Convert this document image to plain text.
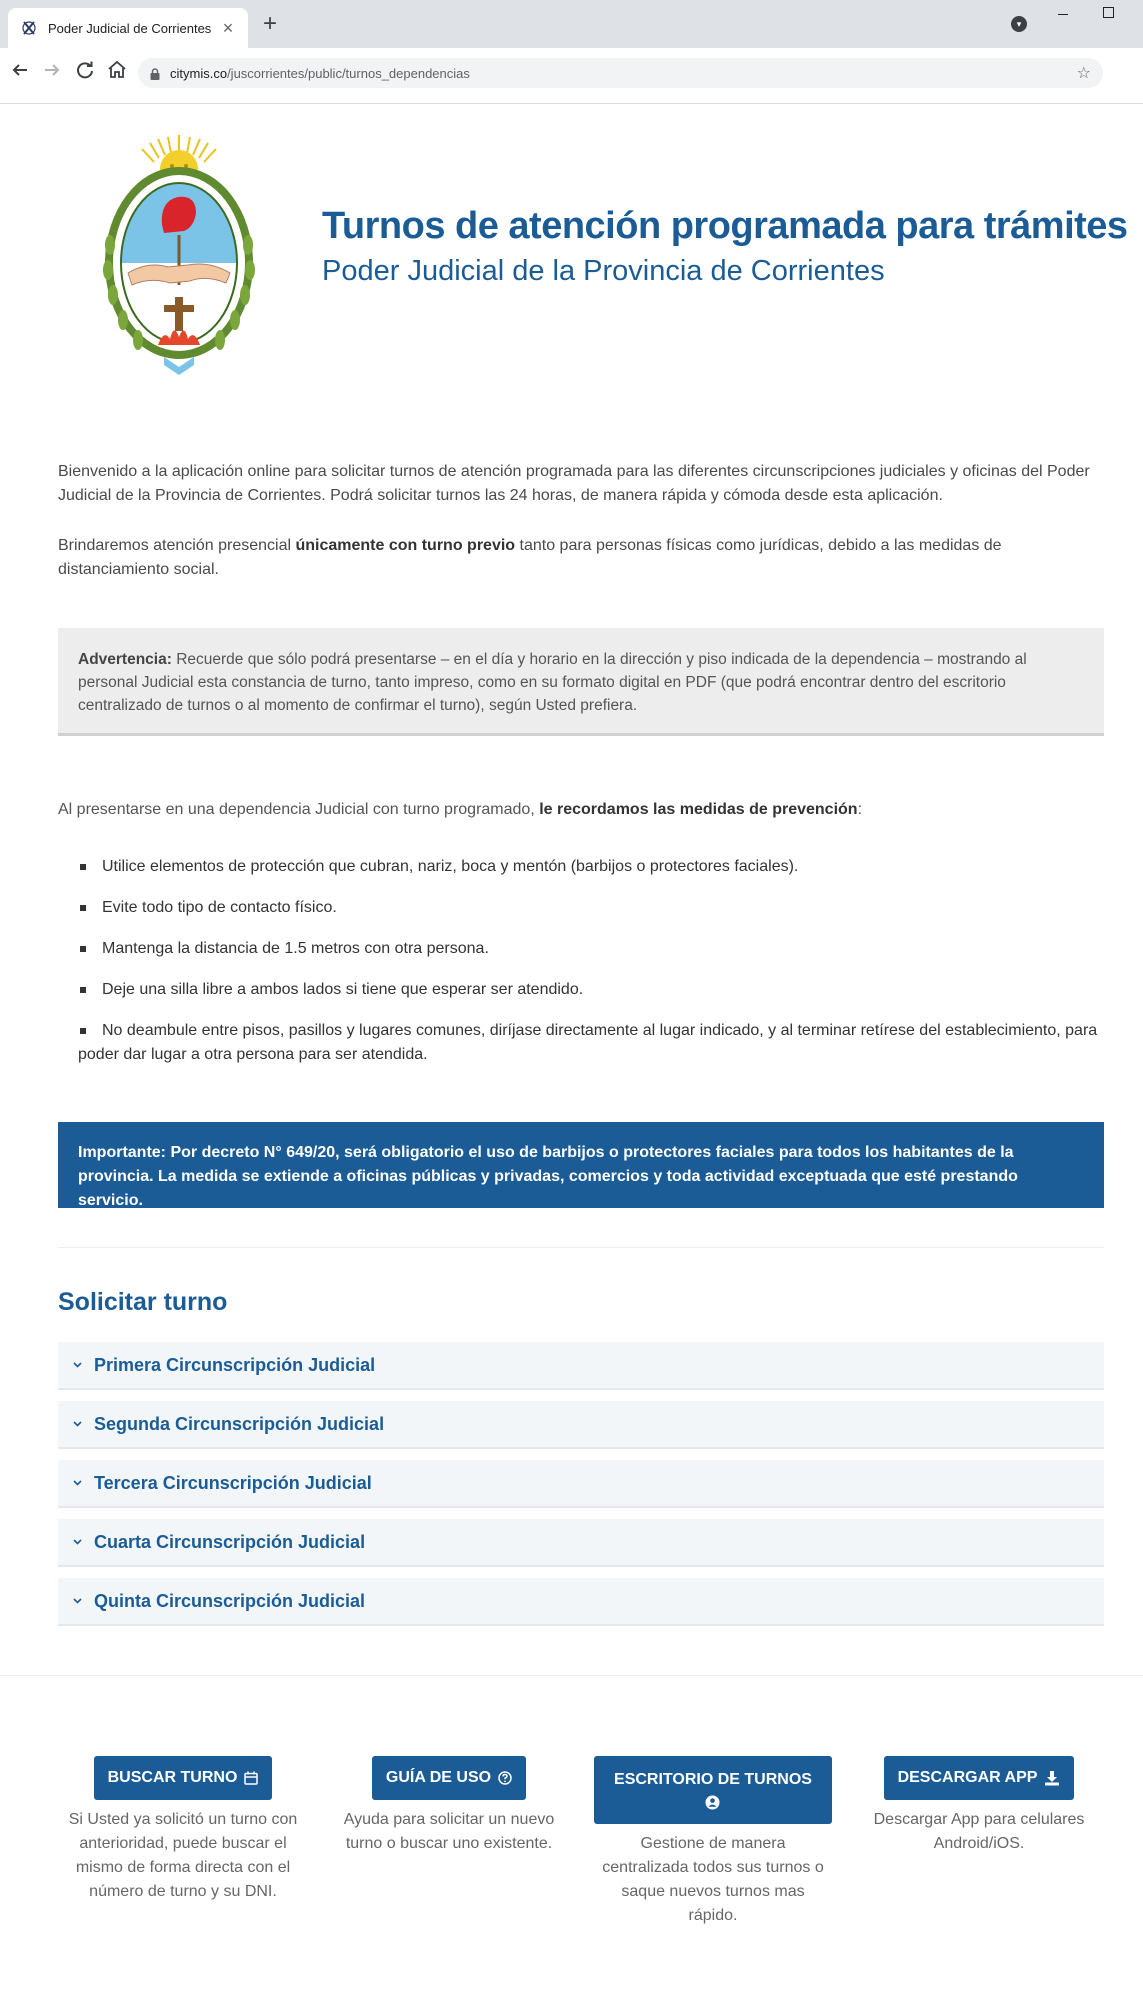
Poder Judicial de Corrientes × +	▾
citymis.co/juscorrientes/public/turnos_dependencias	☆
Turnos de atención programada para trámites
Poder Judicial de la Provincia de Corrientes

Bienvenido a la aplicación online para solicitar turnos de atención programada para las diferentes circunscripciones judiciales y oficinas del Poder Judicial de la Provincia de Corrientes. Podrá solicitar turnos las 24 horas, de manera rápida y cómoda desde esta aplicación.

Brindaremos atención presencial únicamente con turno previo tanto para personas físicas como jurídicas, debido a las medidas de distanciamiento social.

Advertencia: Recuerde que sólo podrá presentarse – en el día y horario en la dirección y piso indicada de la dependencia – mostrando al personal Judicial esta constancia de turno, tanto impreso, como en su formato digital en PDF (que podrá encontrar dentro del escritorio centralizado de turnos o al momento de confirmar el turno), según Usted prefiera.
Al presentarse en una dependencia Judicial con turno programado, le recordamos las medidas de prevención:
Utilice elementos de protección que cubran, nariz, boca y mentón (barbijos o protectores faciales).
Evite todo tipo de contacto físico.
Mantenga la distancia de 1.5 metros con otra persona.
Deje una silla libre a ambos lados si tiene que esperar ser atendido.
No deambule entre pisos, pasillos y lugares comunes, diríjase directamente al lugar indicado, y al terminar retírese del establecimiento, para poder dar lugar a otra persona para ser atendida.
Importante: Por decreto N° 649/20, será obligatorio el uso de barbijos o protectores faciales para todos los habitantes de la provincia. La medida se extiende a oficinas públicas y privadas, comercios y toda actividad exceptuada que esté prestando servicio.
Solicitar turno
Primera Circunscripción Judicial
Segunda Circunscripción Judicial
Tercera Circunscripción Judicial
Cuarta Circunscripción Judicial
Quinta Circunscripción Judicial
BUSCAR TURNO
Si Usted ya solicitó un turno con anterioridad, puede buscar el mismo de forma directa con el número de turno y su DNI.
GUÍA DE USO
Ayuda para solicitar un nuevo turno o buscar uno existente.
ESCRITORIO DE TURNOS
Gestione de manera centralizada todos sus turnos o saque nuevos turnos mas rápido.
DESCARGAR APP
Descargar App para celulares Android/iOS.
